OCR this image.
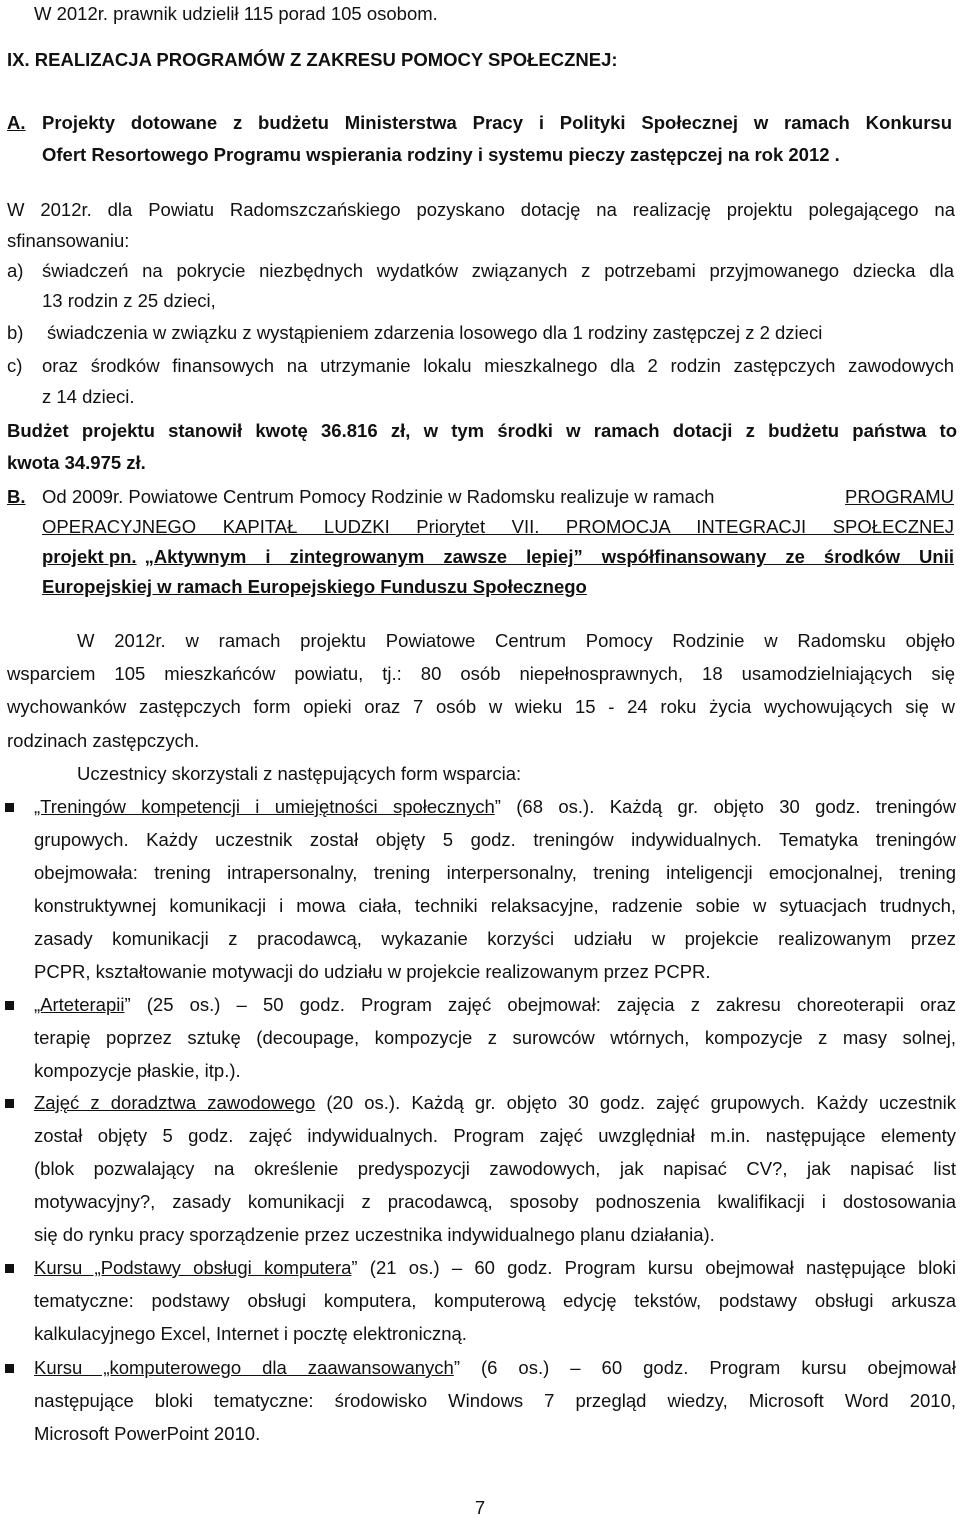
W 2012r. prawnik udzielił 115 porad 105 osobom.
IX. REALIZACJA PROGRAMÓW Z ZAKRESU POMOCY SPOŁECZNEJ:
A. Projekty dotowane z budżetu Ministerstwa Pracy i Polityki Społecznej w ramach Konkursu
Ofert Resortowego Programu wspierania rodziny i systemu pieczy zastępczej na rok 2012 .
W 2012r. dla Powiatu Radomszczańskiego pozyskano dotację na realizację projektu polegającego na
sfinansowaniu:
a) świadczeń na pokrycie niezbędnych wydatków związanych z potrzebami przyjmowanego dziecka dla
13 rodzin z 25 dzieci,
b) świadczenia w związku z wystąpieniem zdarzenia losowego dla 1 rodziny zastępczej z 2 dzieci
c) oraz środków finansowych na utrzymanie lokalu mieszkalnego dla 2 rodzin zastępczych zawodowych
z 14 dzieci.
Budżet projektu stanowił kwotę 36.816 zł, w tym środki w ramach dotacji z budżetu państwa to
kwota 34.975 zł.
B. Od 2009r. Powiatowe Centrum Pomocy Rodzinie w Radomsku realizuje w ramach	PROGRAMU
OPERACYJNEGO KAPITAŁ LUDZKI Priorytet VII. PROMOCJA INTEGRACJI SPOŁECZNEJ
projekt pn. „Aktywnym i zintegrowanym zawsze lepiej” współfinansowany ze środków Unii
Europejskiej w ramach Europejskiego Funduszu Społecznego
W 2012r. w ramach projektu Powiatowe Centrum Pomocy Rodzinie w Radomsku objęło
wsparciem 105 mieszkańców powiatu, tj.: 80 osób niepełnosprawnych, 18 usamodzielniających się
wychowanków zastępczych form opieki oraz 7 osób w wieku 15 - 24 roku życia wychowujących się w
rodzinach zastępczych.
Uczestnicy skorzystali z następujących form wsparcia:
„Treningów kompetencji i umiejętności społecznych” (68 os.). Każdą gr. objęto 30 godz. treningów
grupowych. Każdy uczestnik został objęty 5 godz. treningów indywidualnych. Tematyka treningów
obejmowała: trening intrapersonalny, trening interpersonalny, trening inteligencji emocjonalnej, trening
konstruktywnej komunikacji i mowa ciała, techniki relaksacyjne, radzenie sobie w sytuacjach trudnych,
zasady komunikacji z pracodawcą, wykazanie korzyści udziału w projekcie realizowanym przez
PCPR, kształtowanie motywacji do udziału w projekcie realizowanym przez PCPR.
„Arteterapii” (25 os.) – 50 godz. Program zajęć obejmował: zajęcia z zakresu choreoterapii oraz
terapię poprzez sztukę (decoupage, kompozycje z surowców wtórnych, kompozycje z masy solnej,
kompozycje płaskie, itp.).
Zajęć z doradztwa zawodowego (20 os.). Każdą gr. objęto 30 godz. zajęć grupowych. Każdy uczestnik
został objęty 5 godz. zajęć indywidualnych. Program zajęć uwzględniał m.in. następujące elementy
(blok pozwalający na określenie predyspozycji zawodowych, jak napisać CV?, jak napisać list
motywacyjny?, zasady komunikacji z pracodawcą, sposoby podnoszenia kwalifikacji i dostosowania
się do rynku pracy sporządzenie przez uczestnika indywidualnego planu działania).
Kursu „Podstawy obsługi komputera” (21 os.) – 60 godz. Program kursu obejmował następujące bloki
tematyczne: podstawy obsługi komputera, komputerową edycję tekstów, podstawy obsługi arkusza
kalkulacyjnego Excel, Internet i pocztę elektroniczną.
Kursu „komputerowego dla zaawansowanych” (6 os.) – 60 godz. Program kursu obejmował
następujące bloki tematyczne: środowisko Windows 7 przegląd wiedzy, Microsoft Word 2010,
Microsoft PowerPoint 2010.
7
